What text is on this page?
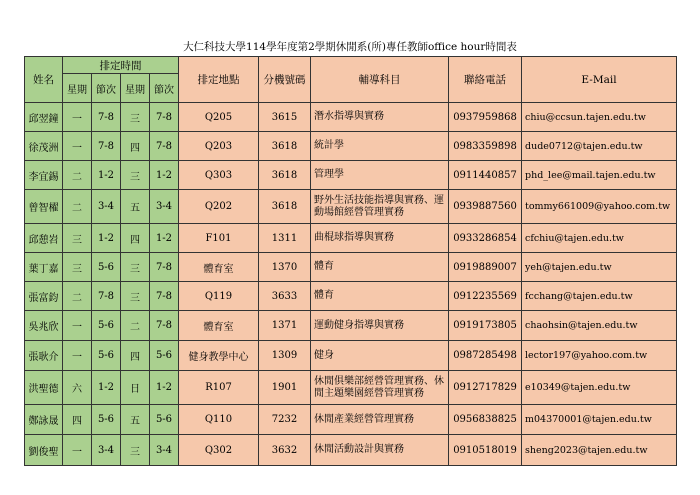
大仁科技大學114學年度第2學期休閒系(所)專任教師office hour時間表
姓名	排定時間				排定地點	分機號碼	輔導科目	聯絡電話	E-Mail
	星期	節次	星期	節次					
邱翌鐘	一	7-8	三	7-8	Q205	3615	潛水指導與實務	0937959868	chiu@ccsun.tajen.edu.tw
徐茂洲	一	7-8	四	7-8	Q203	3618	統計學	0983359898	dude0712@tajen.edu.tw
李宜錫	二	1-2	三	1-2	Q303	3618	管理學	0911440857	phd_lee@mail.tajen.edu.tw
曾智櫂	二	3-4	五	3-4	Q202	3618	野外生活技能指導與實務、運動場館經營管理實務	0939887560	tommy661009@yahoo.com.tw
邱憩岧	三	1-2	四	1-2	F101	1311	曲棍球指導與實務	0933286854	cfchiu@tajen.edu.tw
葉丁嘉	三	5-6	三	7-8	體育室	1370	體育	0919889007	yeh@tajen.edu.tw
張富鈞	二	7-8	三	7-8	Q119	3633	體育	0912235569	fcchang@tajen.edu.tw
吳兆欣	一	5-6	二	7-8	體育室	1371	運動健身指導與實務	0919173805	chaohsin@tajen.edu.tw
張耿介	一	5-6	四	5-6	健身教學中心	1309	健身	0987285498	lector197@yahoo.com.tw
洪聖德	六	1-2	日	1-2	R107	1901	休閒俱樂部經營管理實務、休閒主題樂園經營管理實務	0912717829	e10349@tajen.edu.tw
鄭詠晟	四	5-6	五	5-6	Q110	7232	休閒產業經營管理實務	0956838825	m04370001@tajen.edu.tw
劉俊聖	一	3-4	三	3-4	Q302	3632	休閒活動設計與實務	0910518019	sheng2023@tajen.edu.tw
